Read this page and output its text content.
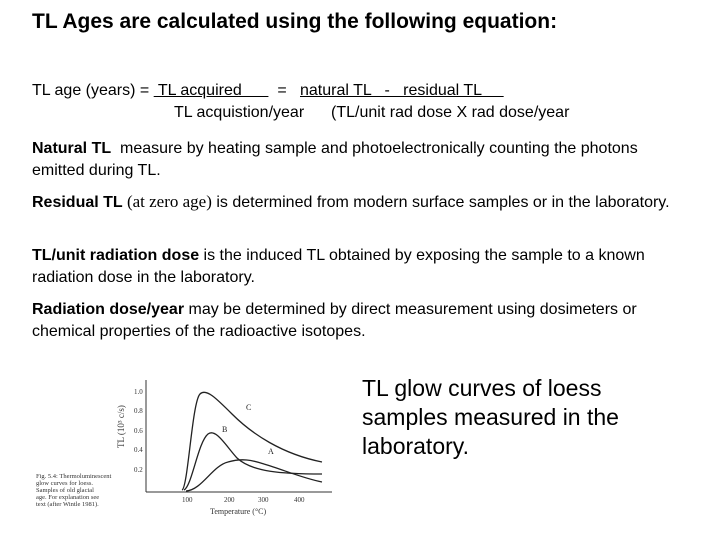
TL Ages are calculated using the following equation:
TL age (years) =  TL acquired        =   natural TL   -   residual TL
TL acquistion/year (TL/unit rad dose X rad dose/year
Natural TL  measure by heating sample and photoelectronically counting the photons emitted during TL.
Residual TL (at zero age) is determined from modern surface samples or in the laboratory.
TL/unit radiation dose is the induced TL obtained by exposing the sample to a known radiation dose in the laboratory.
Radiation dose/year may be determined by direct measurement using dosimeters or chemical properties of the radioactive isotopes.
Fig. 5.4: Thermoluminescent
glow curves for loess.
Samples of old glacial
age. For explanation see
text (after Wintle 1981).
TL (10³ c/s)
1.0
0.8
0.6
0.4
0.2
100	200	300	400
Temperature (°C)
C
B
A
TL glow curves of loess samples measured in the laboratory.
